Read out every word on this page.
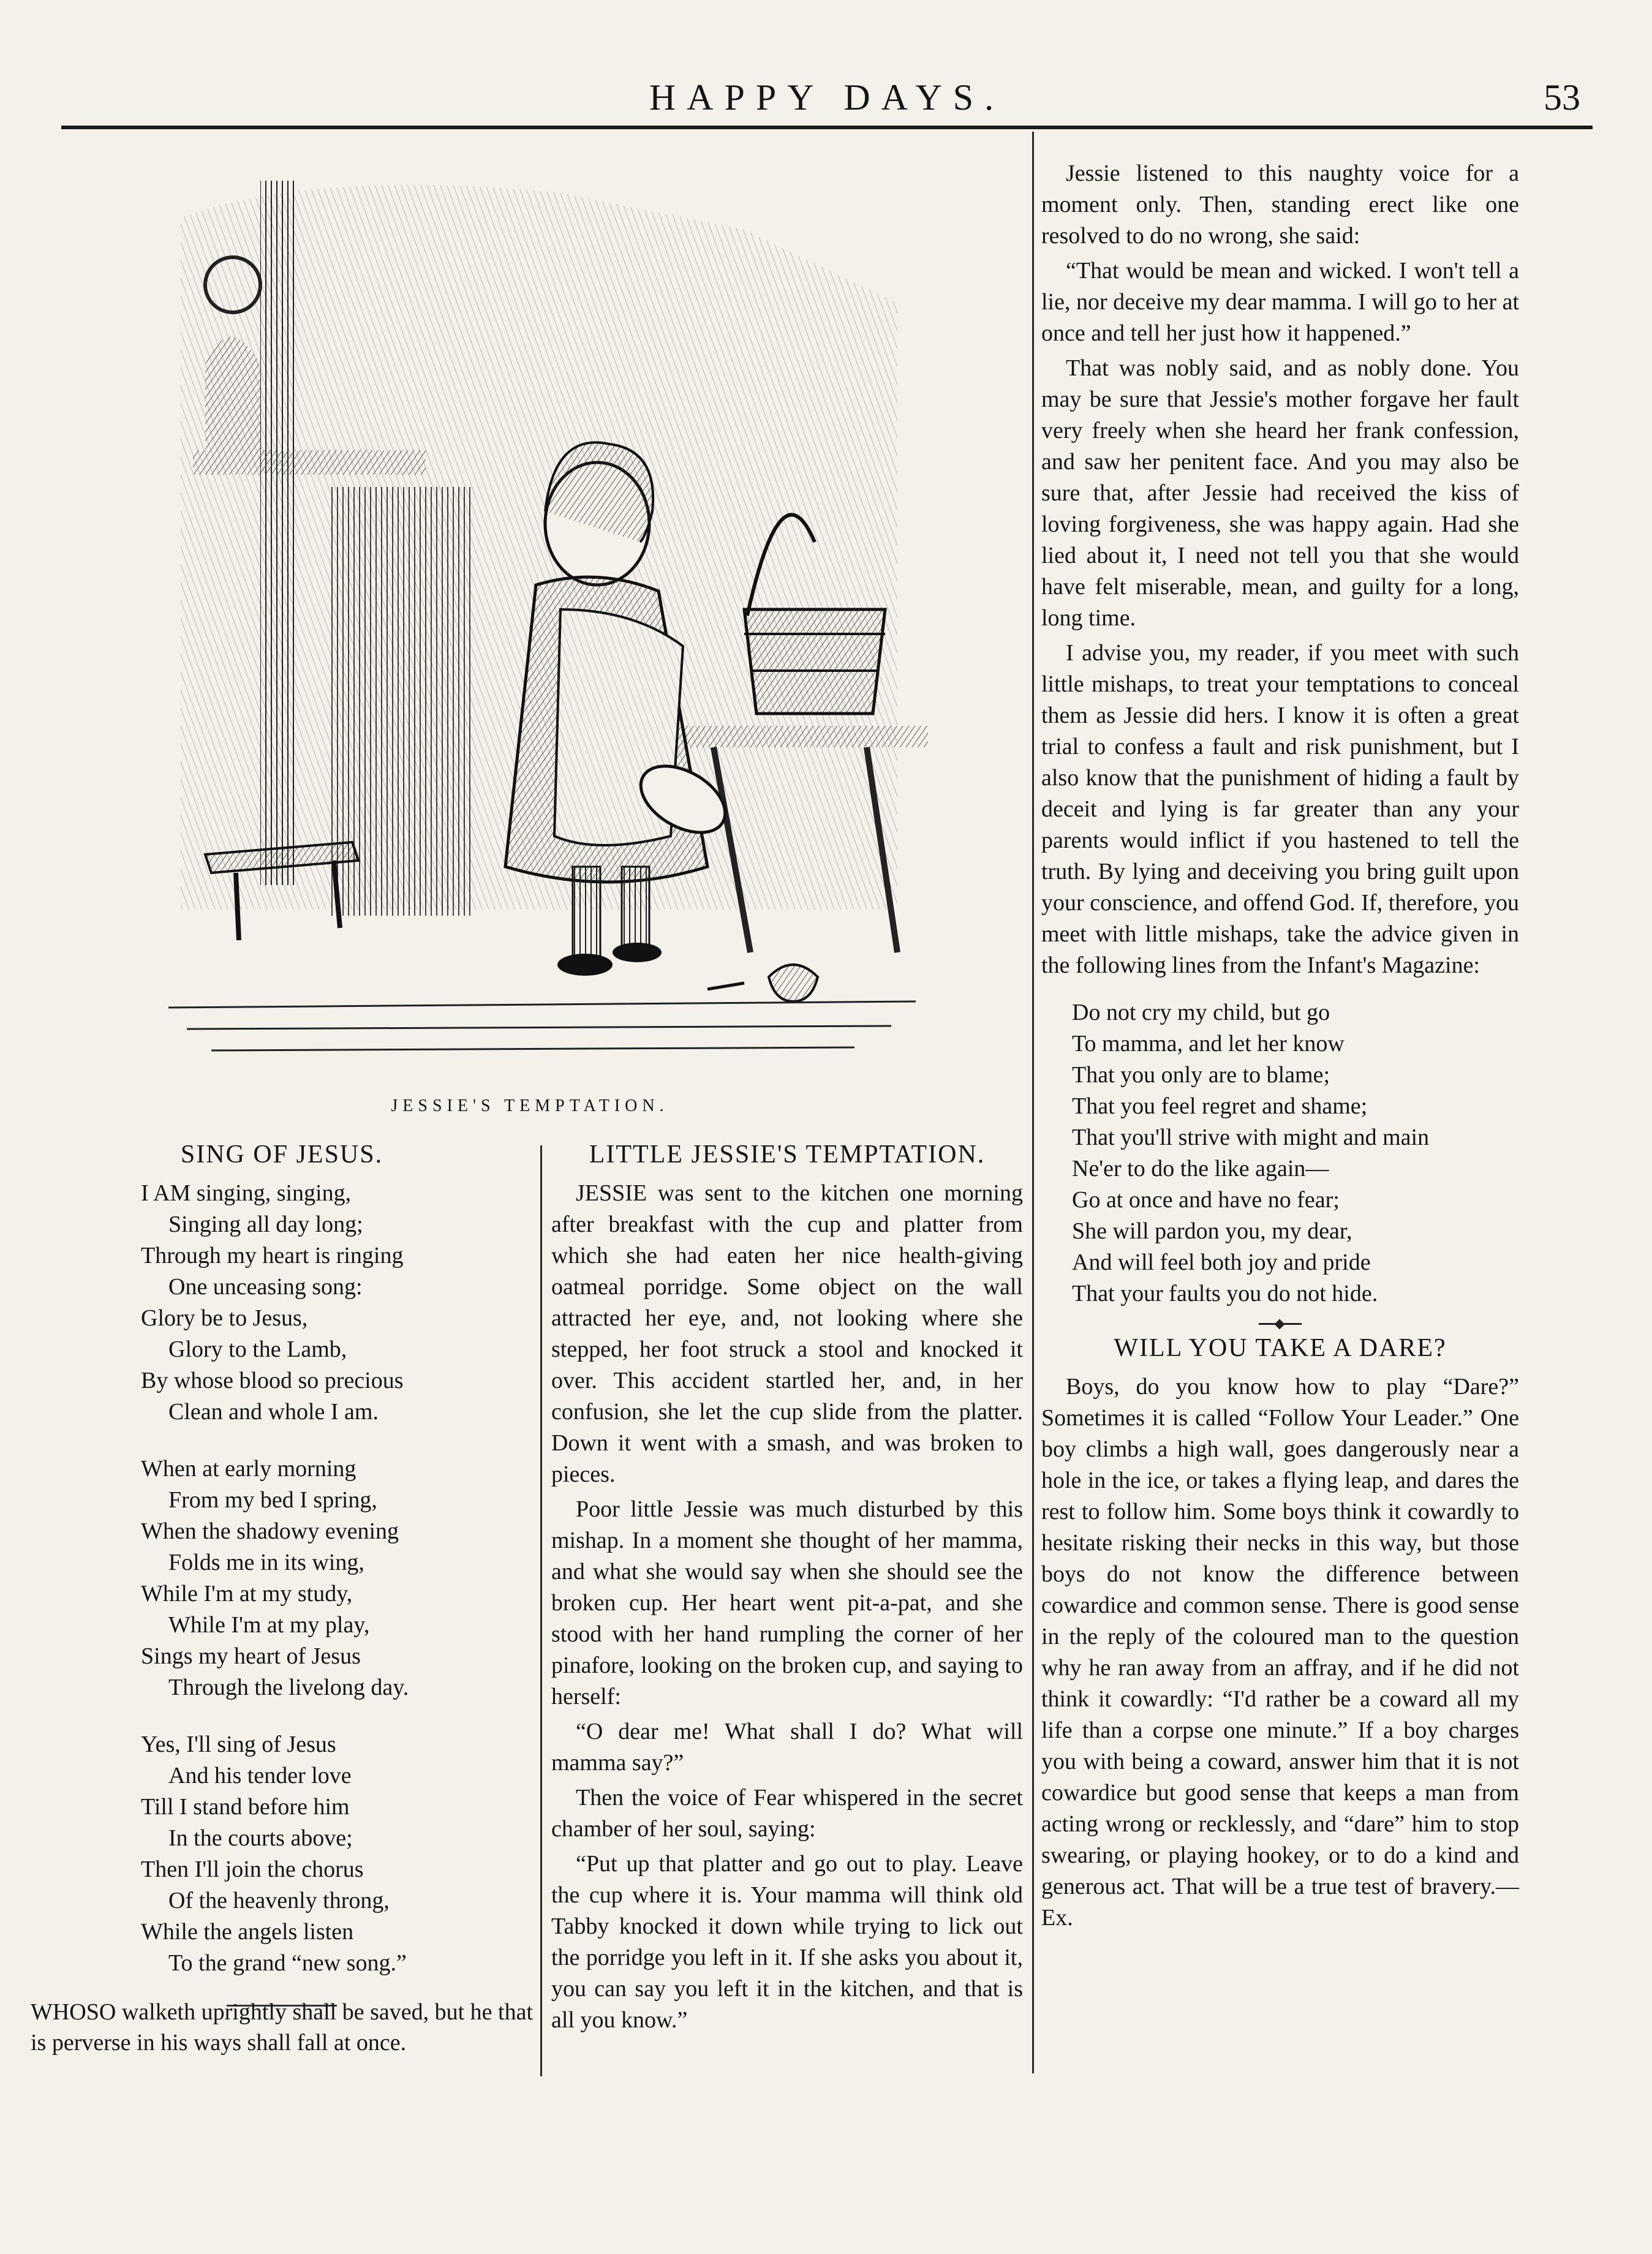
HAPPY DAYS.	53
JESSIE'S TEMPTATION.

Jessie listened to this naughty voice for a moment only. Then, standing erect like one resolved to do no wrong, she said:

“That would be mean and wicked. I won't tell a lie, nor deceive my dear mamma. I will go to her at once and tell her just how it happened.”

That was nobly said, and as nobly done. You may be sure that Jessie's mother forgave her fault very freely when she heard her frank confession, and saw her penitent face. And you may also be sure that, after Jessie had received the kiss of loving forgiveness, she was happy again. Had she lied about it, I need not tell you that she would have felt miserable, mean, and guilty for a long, long time.

I advise you, my reader, if you meet with such little mishaps, to treat your temptations to conceal them as Jessie did hers. I know it is often a great trial to confess a fault and risk punishment, but I also know that the punishment of hiding a fault by deceit and lying is far greater than any your parents would inflict if you hastened to tell the truth. By lying and deceiving you bring guilt upon your conscience, and offend God. If, therefore, you meet with little mishaps, take the advice given in the following lines from the Infant's Magazine:

Do not cry my child, but go
To mamma, and let her know
That you only are to blame;
That you feel regret and shame;
That you'll strive with might and main
Ne'er to do the like again—
Go at once and have no fear;
She will pardon you, my dear,
And will feel both joy and pride
That your faults you do not hide.
WILL YOU TAKE A DARE?

Boys, do you know how to play “Dare?” Sometimes it is called “Follow Your Leader.” One boy climbs a high wall, goes dangerously near a hole in the ice, or takes a flying leap, and dares the rest to follow him. Some boys think it cowardly to hesitate risking their necks in this way, but those boys do not know the difference between cowardice and common sense. There is good sense in the reply of the coloured man to the question why he ran away from an affray, and if he did not think it cowardly: “I'd rather be a coward all my life than a corpse one minute.” If a boy charges you with being a coward, answer him that it is not cowardice but good sense that keeps a man from acting wrong or recklessly, and “dare” him to stop swearing, or playing hookey, or to do a kind and generous act. That will be a true test of bravery.—Ex.

SING OF JESUS.
I AM singing, singing,
Singing all day long;
Through my heart is ringing
One unceasing song:
Glory be to Jesus,
Glory to the Lamb,
By whose blood so precious
Clean and whole I am.
When at early morning
From my bed I spring,
When the shadowy evening
Folds me in its wing,
While I'm at my study,
While I'm at my play,
Sings my heart of Jesus
Through the livelong day.
Yes, I'll sing of Jesus
And his tender love
Till I stand before him
In the courts above;
Then I'll join the chorus
Of the heavenly throng,
While the angels listen
To the grand “new song.”
WHOSO walketh uprightly shall be saved, but he that is perverse in his ways shall fall at once.
LITTLE JESSIE'S TEMPTATION.

JESSIE was sent to the kitchen one morning after breakfast with the cup and platter from which she had eaten her nice health-giving oatmeal porridge. Some object on the wall attracted her eye, and, not looking where she stepped, her foot struck a stool and knocked it over. This accident startled her, and, in her confusion, she let the cup slide from the platter. Down it went with a smash, and was broken to pieces.

Poor little Jessie was much disturbed by this mishap. In a moment she thought of her mamma, and what she would say when she should see the broken cup. Her heart went pit-a-pat, and she stood with her hand rumpling the corner of her pinafore, looking on the broken cup, and saying to herself:

“O dear me! What shall I do? What will mamma say?”

Then the voice of Fear whispered in the secret chamber of her soul, saying:

“Put up that platter and go out to play. Leave the cup where it is. Your mamma will think old Tabby knocked it down while trying to lick out the porridge you left in it. If she asks you about it, you can say you left it in the kitchen, and that is all you know.”
